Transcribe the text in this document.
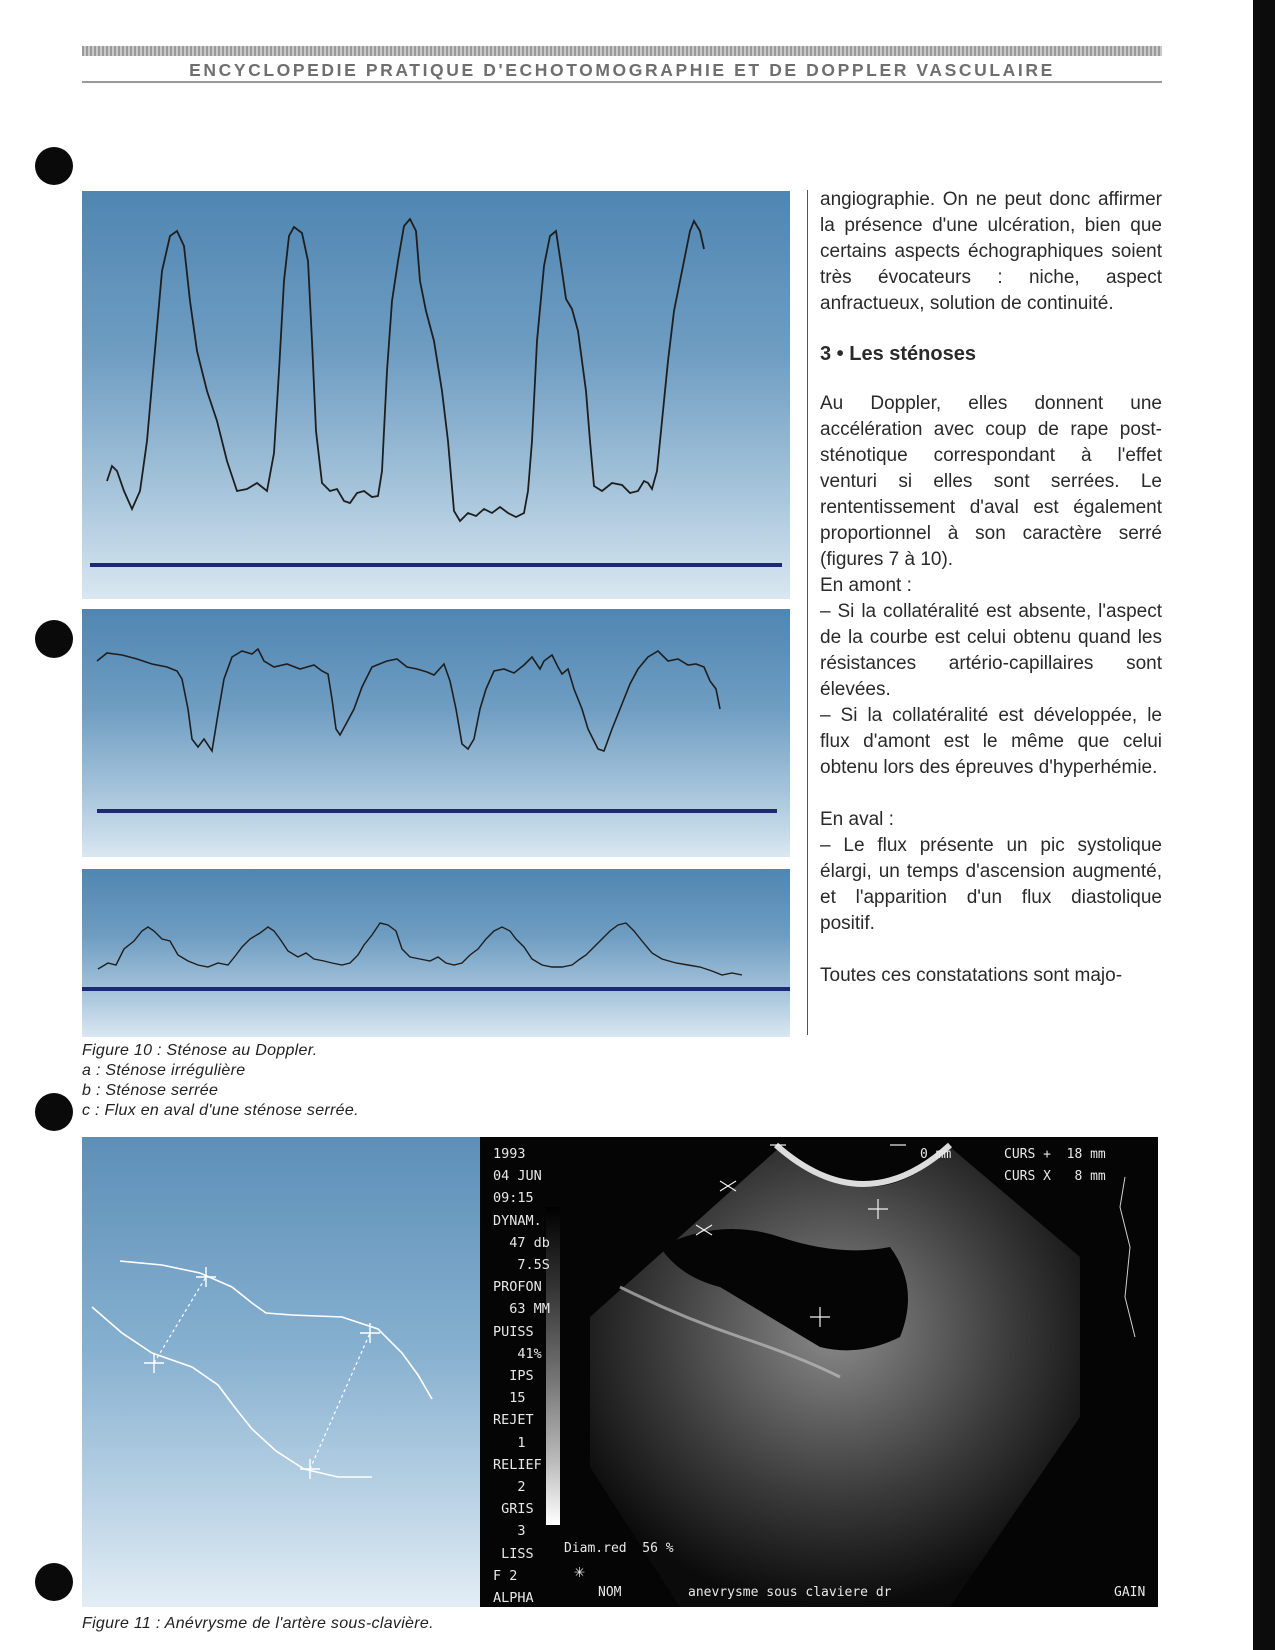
ENCYCLOPEDIE PRATIQUE D'ECHOTOMOGRAPHIE ET DE DOPPLER VASCULAIRE
Figure 10 : Sténose au Doppler.
a : Sténose irrégulière
b : Sténose serrée
c : Flux en aval d'une sténose serrée.

angiographie. On ne peut donc affirmer la présence d'une ulcération, bien que certains aspects échographiques soient très évocateurs : niche, aspect anfractueux, solution de continuité.

3 • Les sténoses

Au Doppler, elles donnent une accélération avec coup de rape post-sténotique correspondant à l'effet venturi si elles sont serrées. Le rententissement d'aval est également proportionnel à son caractère serré (figures 7 à 10).

En amont :

– Si la collatéralité est absente, l'aspect de la courbe est celui obtenu quand les résistances artério-capillaires sont élevées.

– Si la collatéralité est développée, le flux d'amont est le même que celui obtenu lors des épreuves d'hyperhémie.

En aval :

– Le flux présente un pic systolique élargi, un temps d'ascension augmenté, et l'apparition d'un flux diastolique positif.

Toutes ces constatations sont majo-

1993
04 JUN
09:15
DYNAM.
47 db
7.5S
PROFON
63 MM
PUISS
41%
IPS
15
REJET
1
RELIEF
2
GRIS
3
LISS
F 2
ALPHA
0 mm	CURS +  18 mm
CURS X   8 mm
Diam.red  56 %
✳
NOM	anevrysme sous claviere dr	GAIN
Figure 11 : Anévrysme de l'artère sous-clavière.
